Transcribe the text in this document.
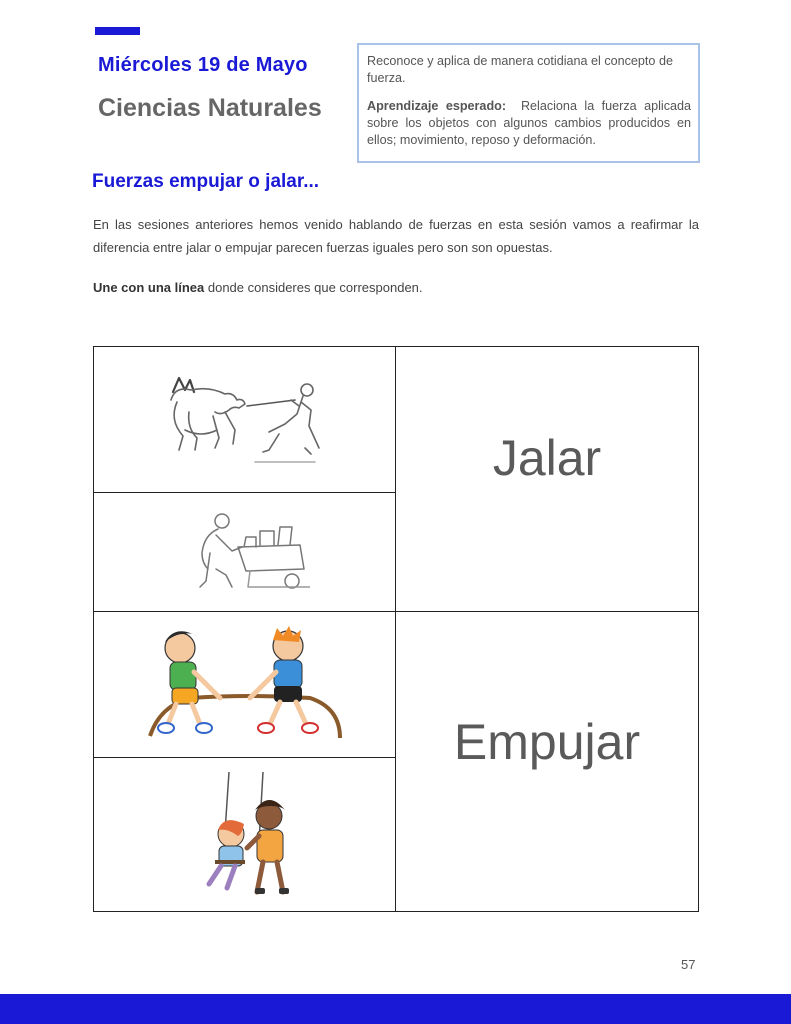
Miércoles 19 de Mayo
Ciencias Naturales

Reconoce y aplica de manera cotidiana el concepto de fuerza.

Aprendizaje esperado: Relaciona la fuerza aplicada sobre los objetos con algunos cambios producidos en ellos; movimiento, reposo y deformación.

Fuerzas empujar o jalar...
En las sesiones anteriores hemos venido hablando de fuerzas en esta sesión vamos a reafirmar la diferencia entre jalar o empujar parecen fuerzas iguales pero son son opuestas.
Une con una línea donde consideres que corresponden.
Jalar
Empujar
57
